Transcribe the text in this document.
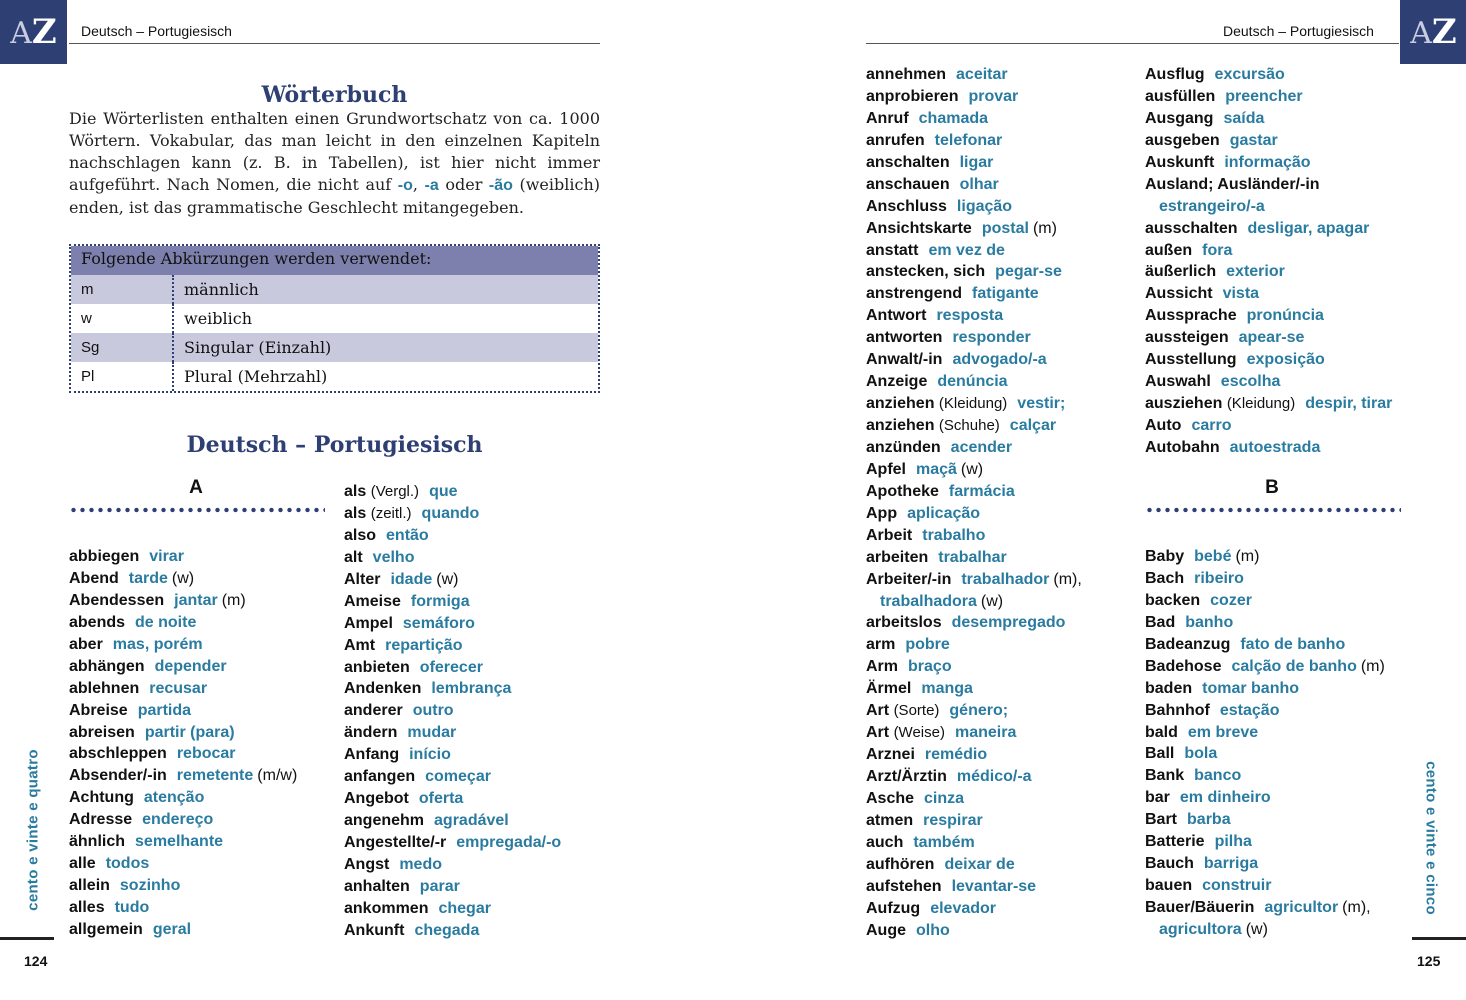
AZ	AZ
Deutsch – Portugiesisch	Deutsch – Portugiesisch
cento e vinte e quatro	cento e vinte e cinco
124	125
Wörterbuch
Die Wörterlisten enthalten einen Grundwortschatz von ca. 1000 Wörtern. Vokabular, das man leicht in den einzelnen Kapiteln nachschlagen kann (z. B. in Tabellen), ist hier nicht immer aufgeführt. Nach Nomen, die nicht auf -o, -a oder -ão (weiblich) enden, ist das grammatische Geschlecht mitangegeben.
Folgende Abkürzungen werden verwendet:
m	männlich
w	weiblich
Sg	Singular (Einzahl)
Pl	Plural (Mehrzahl)
Deutsch – Portugiesisch
A	B
abbiegen virar
Abend tarde (w)
Abendessen jantar (m)
abends de noite
aber mas, porém
abhängen depender
ablehnen recusar
Abreise partida
abreisen partir (para)
abschleppen rebocar
Absender/-in remetente (m/w)
Achtung atenção
Adresse endereço
ähnlich semelhante
alle todos
allein sozinho
alles tudo
allgemein geral
als (Vergl.) que
als (zeitl.) quando
also então
alt velho
Alter idade (w)
Ameise formiga
Ampel semáforo
Amt repartição
anbieten oferecer
Andenken lembrança
anderer outro
ändern mudar
Anfang início
anfangen começar
Angebot oferta
angenehm agradável
Angestellte/-r empregada/-o
Angst medo
anhalten parar
ankommen chegar
Ankunft chegada
annehmen aceitar
anprobieren provar
Anruf chamada
anrufen telefonar
anschalten ligar
anschauen olhar
Anschluss ligação
Ansichtskarte postal (m)
anstatt em vez de
anstecken, sich pegar-se
anstrengend fatigante
Antwort resposta
antworten responder
Anwalt/-in advogado/-a
Anzeige denúncia
anziehen (Kleidung) vestir;
anziehen (Schuhe) calçar
anzünden acender
Apfel maçã (w)
Apotheke farmácia
App aplicação
Arbeit trabalho
arbeiten trabalhar
Arbeiter/-in trabalhador (m),
trabalhadora (w)
arbeitslos desempregado
arm pobre
Arm braço
Ärmel manga
Art (Sorte) género;
Art (Weise) maneira
Arznei remédio
Arzt/Ärztin médico/-a
Asche cinza
atmen respirar
auch também
aufhören deixar de
aufstehen levantar-se
Aufzug elevador
Auge olho
Ausflug excursão
ausfüllen preencher
Ausgang saída
ausgeben gastar
Auskunft informação
Ausland; Ausländer/-in
estrangeiro/-a
ausschalten desligar, apagar
außen fora
äußerlich exterior
Aussicht vista
Aussprache pronúncia
aussteigen apear-se
Ausstellung exposição
Auswahl escolha
ausziehen (Kleidung) despir, tirar
Auto carro
Autobahn autoestrada
Baby bebé (m)
Bach ribeiro
backen cozer
Bad banho
Badeanzug fato de banho
Badehose calção de banho (m)
baden tomar banho
Bahnhof estação
bald em breve
Ball bola
Bank banco
bar em dinheiro
Bart barba
Batterie pilha
Bauch barriga
bauen construir
Bauer/Bäuerin agricultor (m),
agricultora (w)
